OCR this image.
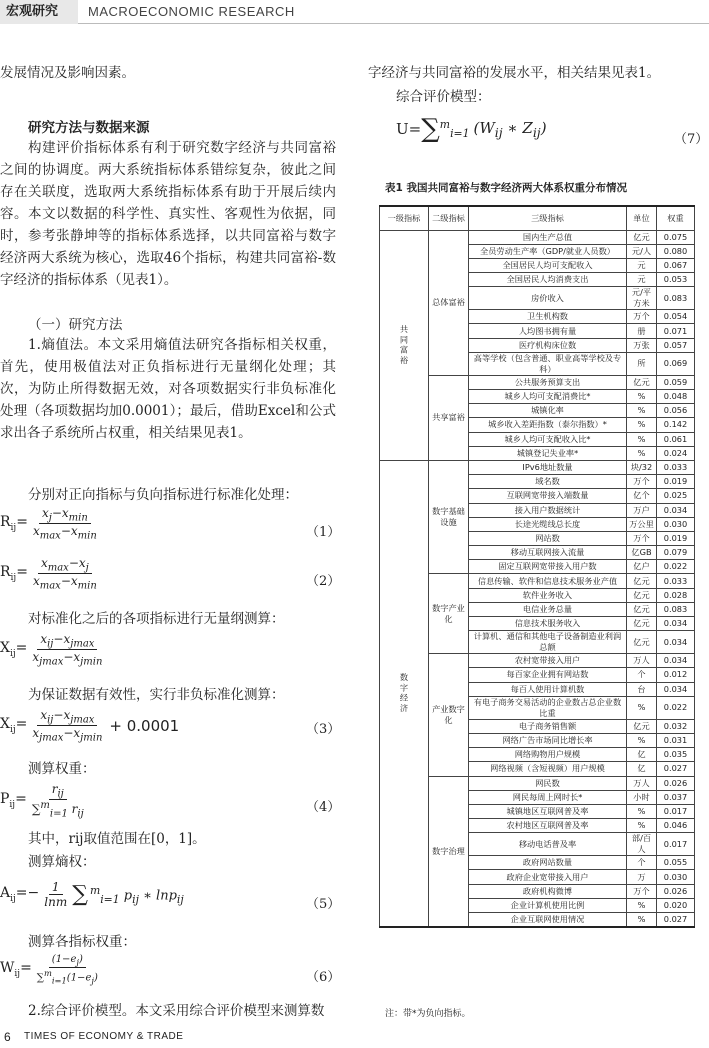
宏观研究	MACROECONOMIC RESEARCH
发展情况及影响因素。
研究方法与数据来源
构建评价指标体系有利于研究数字经济与共同富裕之间的协调度。两大系统指标体系错综复杂，彼此之间存在关联度，选取两大系统指标体系有助于开展后续内容。本文以数据的科学性、真实性、客观性为依据，同时，参考张静坤等的指标体系选择，以共同富裕与数字经济两大系统为核心，选取46个指标，构建共同富裕-数字经济的指标体系（见表1）。
（一）研究方法
1.熵值法。本文采用熵值法研究各指标相关权重，首先，使用极值法对正负指标进行无量纲化处理；其次，为防止所得数据无效，对各项数据实行非负标准化处理（各项数据均加0.0001）；最后，借助Excel和公式求出各子系统所占权重，相关结果见表1。
分别对正向指标与负向指标进行标准化处理：
$R_{ij}= \frac{x_j-x_{min}}{x_{max}-x_{min}}$	（1）
$R_{ij}= \frac{x_{max}-x_j}{x_{max}-x_{min}}$	（2）
对标准化之后的各项指标进行无量纲测算：
$X_{ij}= \frac{x_{ij}-x_{jmax}}{x_{jmax}-x_{jmin}}$
为保证数据有效性，实行非负标准化测算：
$X_{ij}= \frac{x_{ij}-x_{jmax}}{x_{jmax}-x_{jmin}} + 0.0001$	（3）
测算权重：
$P_{ij}= \frac{r_{ij}}{\sum^m_{i=1} r_{ij}}$	（4）
其中，rij取值范围在[0，1]。
测算熵权：
$A_{ij}=- \frac{1}{\ln m}$ ∑ $^m_{i=1}$ $p_{ij}$ ∗ lnp$_{ij}$	（5）
测算各指标权重：
$W_{ij}= \frac{(1-e_j)}{\sum^m_{i=1}(1-e_j)}$	（6）
2.综合评价模型。本文采用综合评价模型来测算数
6 TIMES OF ECONOMY & TRADE
字经济与共同富裕的发展水平，相关结果见表1。
综合评价模型：
U= ∑ $^m_{i=1}$ ($W_{ij}$ ∗ $Z_{ij}$)
（7）
表1 我国共同富裕与数字经济两大体系权重分布情况
一级指标	二级指标	三级指标	单位	权重
共同富裕	总体富裕	国内生产总值	亿元	0.075
		全员劳动生产率（GDP/就业人员数）	元/人	0.080
		全国居民人均可支配收入	元	0.067
		全国居民人均消费支出	元	0.053
		房价收入	元/平方米	0.083
		卫生机构数	万个	0.054
		人均图书拥有量	册	0.071
		医疗机构床位数	万张	0.057
		高等学校（包含普通、职业高等学校及专科）	所	0.069
	共享富裕	公共服务预算支出	亿元	0.059
		城乡人均可支配消费比*	%	0.048
		城镇化率	%	0.056
		城乡收入差距指数（泰尔指数）*	%	0.142
		城乡人均可支配收入比*	%	0.061
		城镇登记失业率*	%	0.024
数字经济	数字基础设施	IPv6地址数量	块/32	0.033
		域名数	万个	0.019
		互联网宽带接入端数量	亿个	0.025
		接入用户数据统计	万户	0.034
		长途光缆线总长度	万公里	0.030
		网站数	万个	0.019
		移动互联网接入流量	亿GB	0.079
		固定互联网宽带接入用户数	亿户	0.022
	数字产业化	信息传输、软件和信息技术服务业产值	亿元	0.033
		软件业务收入	亿元	0.028
		电信业务总量	亿元	0.083
		信息技术服务收入	亿元	0.034
		计算机、通信和其他电子设备制造业利润总额	亿元	0.034
	产业数字化	农村宽带接入用户	万人	0.034
		每百家企业拥有网站数	个	0.012
		每百人使用计算机数	台	0.034
		有电子商务交易活动的企业数占总企业数比重	%	0.022
		电子商务销售额	亿元	0.032
		网络广告市场同比增长率	%	0.031
		网络购物用户规模	亿	0.035
		网络视频（含短视频）用户规模	亿	0.027
	数字治理	网民数	万人	0.026
		网民每周上网时长*	小时	0.037
		城镇地区互联网普及率	%	0.017
		农村地区互联网普及率	%	0.046
		移动电话普及率	部/百人	0.017
		政府网站数量	个	0.055
		政府企业宽带接入用户	万	0.030
		政府机构微博	万个	0.026
		企业计算机使用比例	%	0.020
		企业互联网使用情况	%	0.027
注：带*为负向指标。
